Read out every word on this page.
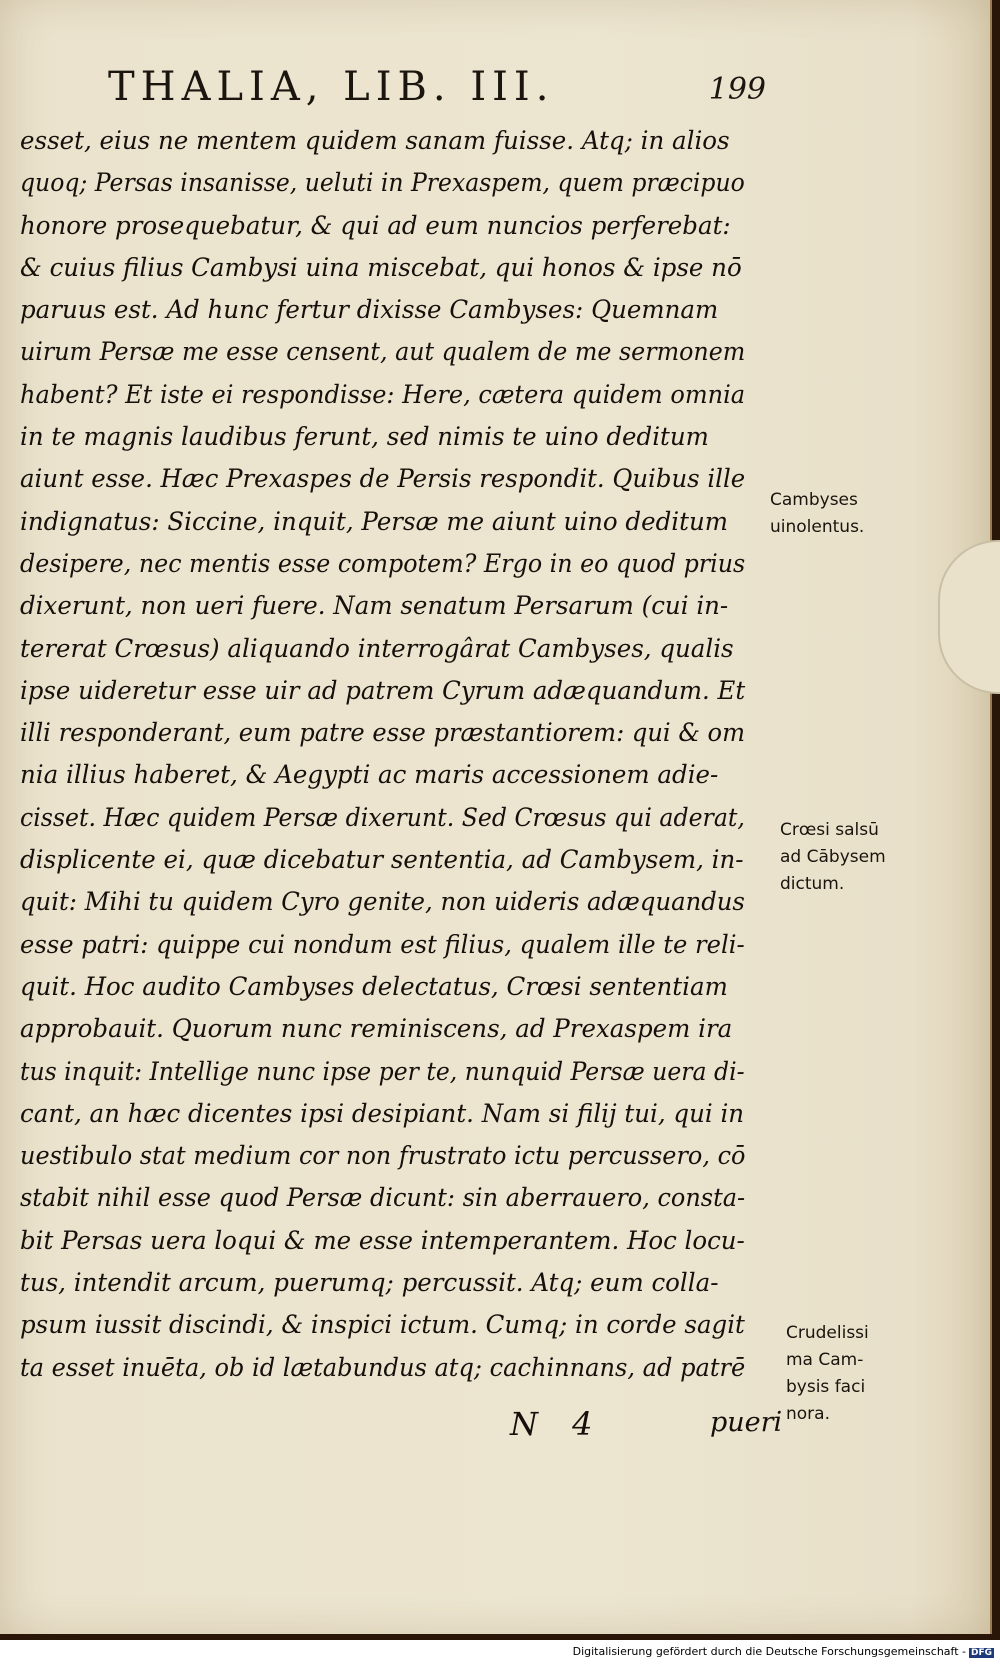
THALIA, LIB. III.	199
esset, eius ne mentem quidem sanam fuisse. Atq; in alios
quoq; Persas insanisse, ueluti in Prexaspem, quem præcipuo
honore prosequebatur, & qui ad eum nuncios perferebat:
& cuius filius Cambysi uina miscebat, qui honos & ipse nō
paruus est. Ad hunc fertur dixisse Cambyses: Quemnam
uirum Persæ me esse censent, aut qualem de me sermonem
habent? Et iste ei respondisse: Here, cætera quidem omnia
in te magnis laudibus ferunt, sed nimis te uino deditum
aiunt esse. Hæc Prexaspes de Persis respondit. Quibus ille
indignatus: Siccine, inquit, Persæ me aiunt uino deditum
desipere, nec mentis esse compotem? Ergo in eo quod prius
dixerunt, non ueri fuere. Nam senatum Persarum (cui in-
tererat Crœsus) aliquando interrogârat Cambyses, qualis
ipse uideretur esse uir ad patrem Cyrum adæquandum. Et
illi responderant, eum patre esse præstantiorem: qui & om
nia illius haberet, & Aegypti ac maris accessionem adie-
cisset. Hæc quidem Persæ dixerunt. Sed Crœsus qui aderat,
displicente ei, quæ dicebatur sententia, ad Cambysem, in-
quit: Mihi tu quidem Cyro genite, non uideris adæquandus
esse patri: quippe cui nondum est filius, qualem ille te reli-
quit. Hoc audito Cambyses delectatus, Crœsi sententiam
approbauit. Quorum nunc reminiscens, ad Prexaspem ira
tus inquit: Intellige nunc ipse per te, nunquid Persæ uera di-
cant, an hæc dicentes ipsi desipiant. Nam si filij tui, qui in
uestibulo stat medium cor non frustrato ictu percussero, cō
stabit nihil esse quod Persæ dicunt: sin aberrauero, consta-
bit Persas uera loqui & me esse intemperantem. Hoc locu-
tus, intendit arcum, puerumq; percussit. Atq; eum colla-
psum iussit discindi, & inspici ictum. Cumq; in corde sagit
ta esset inuēta, ob id lætabundus atq; cachinnans, ad patrē
Cambyses
uinolentus.
Crœsi salsū
ad Cābysem
dictum.
Crudelissi
ma Cam-
bysis faci
nora.
N 4	pueri
Digitalisierung gefördert durch die Deutsche Forschungsgemeinschaft - DFG
